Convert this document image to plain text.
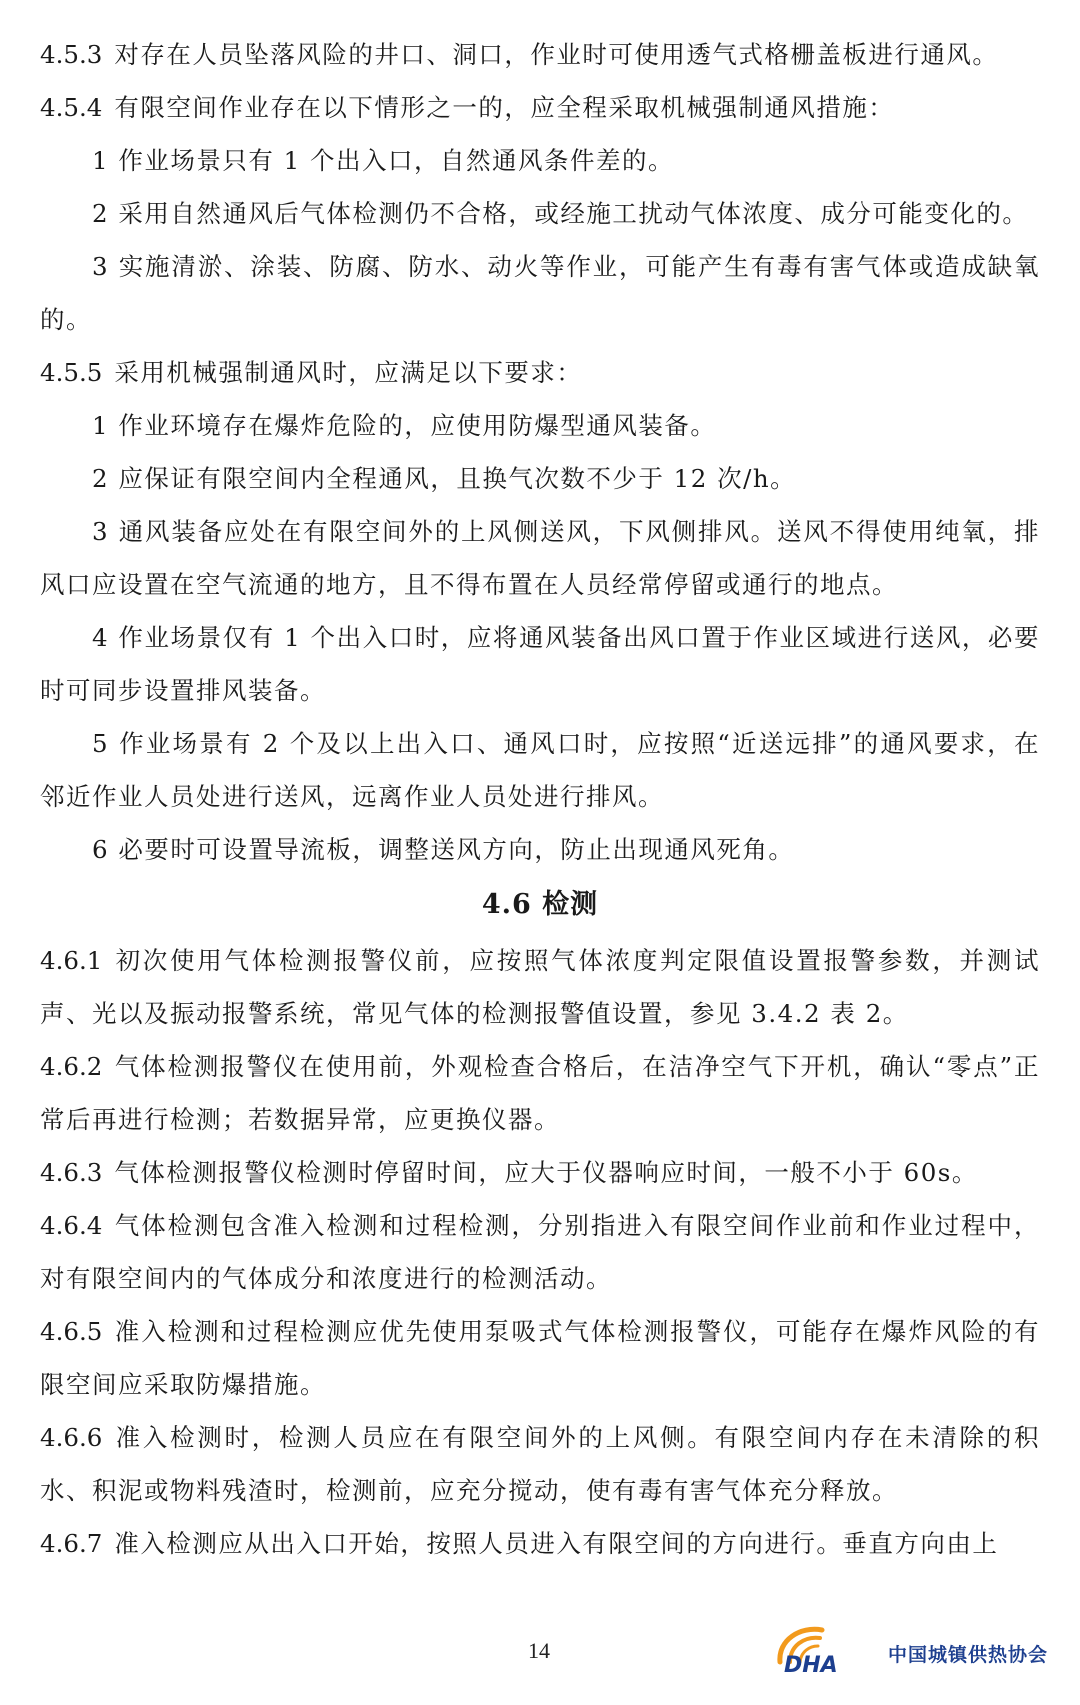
4.5.3 对存在人员坠落风险的井口、洞口，作业时可使用透气式格栅盖板进行通风。

4.5.4 有限空间作业存在以下情形之一的，应全程采取机械强制通风措施：

1 作业场景只有 1 个出入口，自然通风条件差的。

2 采用自然通风后气体检测仍不合格，或经施工扰动气体浓度、成分可能变化的。

3 实施清淤、涂装、防腐、防水、动火等作业，可能产生有毒有害气体或造成缺氧的。

4.5.5 采用机械强制通风时，应满足以下要求：

1 作业环境存在爆炸危险的，应使用防爆型通风装备。

2 应保证有限空间内全程通风，且换气次数不少于 12 次/h。

3 通风装备应处在有限空间外的上风侧送风，下风侧排风。送风不得使用纯氧，排风口应设置在空气流通的地方，且不得布置在人员经常停留或通行的地点。

4 作业场景仅有 1 个出入口时，应将通风装备出风口置于作业区域进行送风，必要时可同步设置排风装备。

5 作业场景有 2 个及以上出入口、通风口时，应按照“近送远排”的通风要求，在邻近作业人员处进行送风，远离作业人员处进行排风。

6 必要时可设置导流板，调整送风方向，防止出现通风死角。

4.6 检测

4.6.1 初次使用气体检测报警仪前，应按照气体浓度判定限值设置报警参数，并测试声、光以及振动报警系统，常见气体的检测报警值设置，参见 3.4.2 表 2。

4.6.2 气体检测报警仪在使用前，外观检查合格后，在洁净空气下开机，确认“零点”正常后再进行检测；若数据异常，应更换仪器。

4.6.3 气体检测报警仪检测时停留时间，应大于仪器响应时间，一般不小于 60s。

4.6.4 气体检测包含准入检测和过程检测，分别指进入有限空间作业前和作业过程中，对有限空间内的气体成分和浓度进行的检测活动。

4.6.5 准入检测和过程检测应优先使用泵吸式气体检测报警仪，可能存在爆炸风险的有限空间应采取防爆措施。

4.6.6 准入检测时，检测人员应在有限空间外的上风侧。有限空间内存在未清除的积水、积泥或物料残渣时，检测前，应充分搅动，使有毒有害气体充分释放。

4.6.7 准入检测应从出入口开始，按照人员进入有限空间的方向进行。垂直方向由上

14
DHA	中国城镇供热协会
